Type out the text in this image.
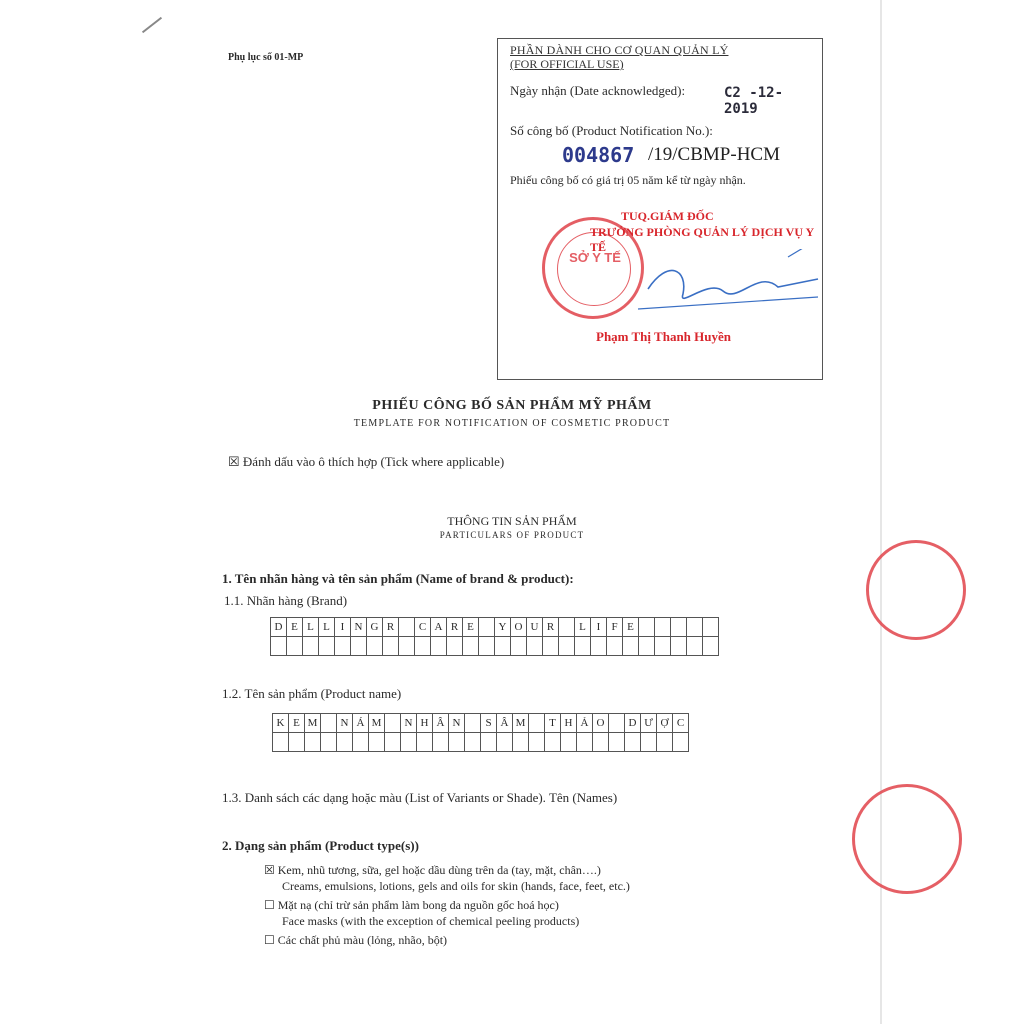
Phụ lục số 01-MP
PHẦN DÀNH CHO CƠ QUAN QUẢN LÝ
(FOR OFFICIAL USE)
Ngày nhận (Date acknowledged):	C2 -12- 2019
Số công bố (Product Notification No.):
004867 /19/CBMP-HCM
Phiếu công bố có giá trị 05 năm kể từ ngày nhận.
SỞ Y TẾ
TUQ.GIÁM ĐỐC
TRƯỞNG PHÒNG QUẢN LÝ DỊCH VỤ Y TẾ
Phạm Thị Thanh Huyền
PHIẾU CÔNG BỐ SẢN PHẨM MỸ PHẨM
TEMPLATE FOR NOTIFICATION OF COSMETIC PRODUCT
☒ Đánh dấu vào ô thích hợp (Tick where applicable)
THÔNG TIN SẢN PHẨM
PARTICULARS OF PRODUCT
1. Tên nhãn hàng và tên sản phẩm (Name of brand & product):
1.1. Nhãn hàng (Brand)
D	E	L	L	I	N	G	R		C	A	R	E		Y	O	U	R		L	I	F	E					

1.2. Tên sản phẩm (Product name)
K	E	M		N	Á	M		N	H	Â	N		S	Â	M		T	H	Ả	O		D	Ư	Ợ	C

1.3. Danh sách các dạng hoặc màu (List of Variants or Shade). Tên (Names)
2. Dạng sản phẩm (Product type(s))
☒ Kem, nhũ tương, sữa, gel hoặc dầu dùng trên da (tay, mặt, chân….)
Creams, emulsions, lotions, gels and oils for skin (hands, face, feet, etc.)
☐ Mặt nạ (chỉ trừ sản phẩm làm bong da nguồn gốc hoá học)
Face masks (with the exception of chemical peeling products)
☐ Các chất phủ màu (lỏng, nhão, bột)
